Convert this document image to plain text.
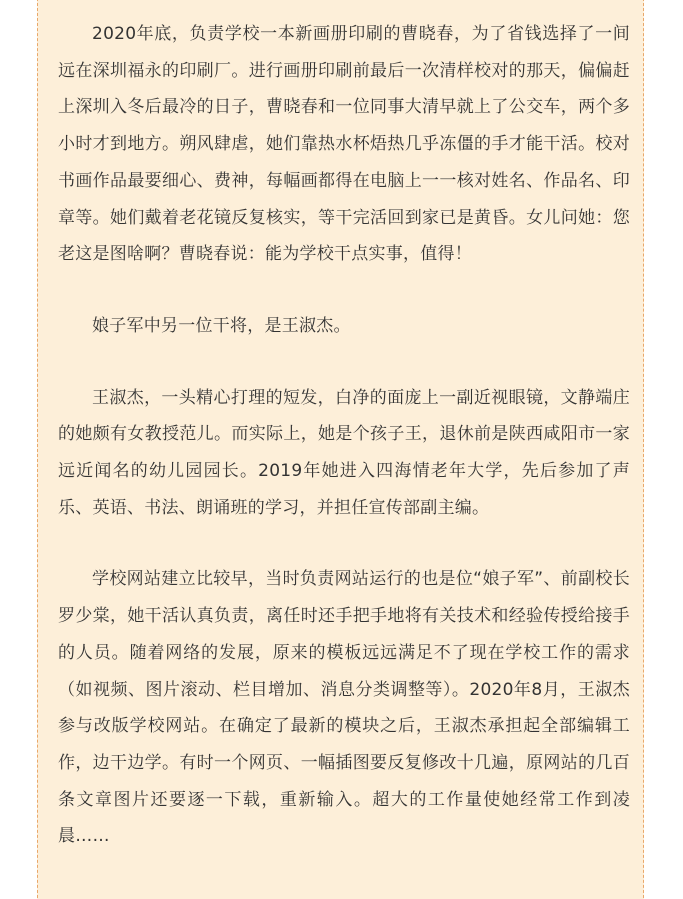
2020年底，负责学校一本新画册印刷的曹晓春，为了省钱选择了一间远在深圳福永的印刷厂。进行画册印刷前最后一次清样校对的那天，偏偏赶上深圳入冬后最冷的日子，曹晓春和一位同事大清早就上了公交车，两个多小时才到地方。朔风肆虐，她们靠热水杯焐热几乎冻僵的手才能干活。校对书画作品最要细心、费神，每幅画都得在电脑上一一核对姓名、作品名、印章等。她们戴着老花镜反复核实，等干完活回到家已是黄昏。女儿问她：您老这是图啥啊？曹晓春说：能为学校干点实事，值得！

娘子军中另一位干将，是王淑杰。

王淑杰，一头精心打理的短发，白净的面庞上一副近视眼镜，文静端庄的她颇有女教授范儿。而实际上，她是个孩子王，退休前是陕西咸阳市一家远近闻名的幼儿园园长。2019年她进入四海情老年大学，先后参加了声乐、英语、书法、朗诵班的学习，并担任宣传部副主编。

学校网站建立比较早，当时负责网站运行的也是位“娘子军”、前副校长罗少棠，她干活认真负责，离任时还手把手地将有关技术和经验传授给接手的人员。随着网络的发展，原来的模板远远满足不了现在学校工作的需求（如视频、图片滚动、栏目增加、消息分类调整等）。2020年8月，王淑杰参与改版学校网站。在确定了最新的模块之后，王淑杰承担起全部编辑工作，边干边学。有时一个网页、一幅插图要反复修改十几遍，原网站的几百条文章图片还要逐一下载，重新输入。超大的工作量使她经常工作到凌晨……
